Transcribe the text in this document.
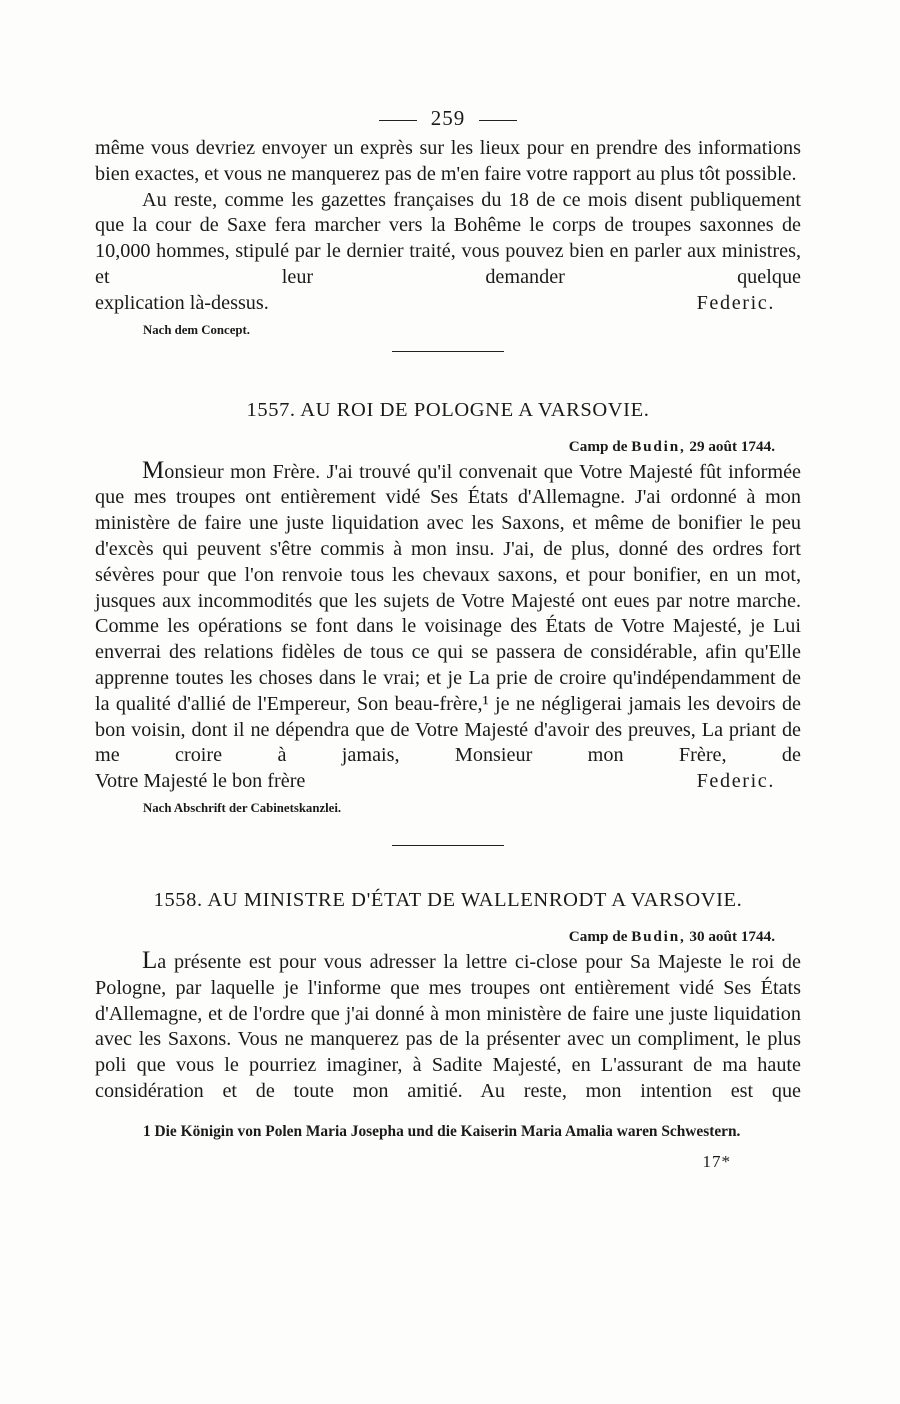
259

même vous devriez envoyer un exprès sur les lieux pour en prendre des informations bien exactes, et vous ne manquerez pas de m'en faire votre rapport au plus tôt possible.

Au reste, comme les gazettes françaises du 18 de ce mois disent publiquement que la cour de Saxe fera marcher vers la Bohême le corps de troupes saxonnes de 10,000 hommes, stipulé par le dernier traité, vous pouvez bien en parler aux ministres, et leur demander quelque

explication là-dessus.	Federic.
Nach dem Concept.
1557. AU ROI DE POLOGNE A VARSOVIE.
Camp de Budin, 29 août 1744.

Monsieur mon Frère. J'ai trouvé qu'il convenait que Votre Majesté fût informée que mes troupes ont entièrement vidé Ses États d'Allemagne. J'ai ordonné à mon ministère de faire une juste liquidation avec les Saxons, et même de bonifier le peu d'excès qui peuvent s'être commis à mon insu. J'ai, de plus, donné des ordres fort sévères pour que l'on renvoie tous les chevaux saxons, et pour bonifier, en un mot, jusques aux incommodités que les sujets de Votre Majesté ont eues par notre marche. Comme les opérations se font dans le voisinage des États de Votre Majesté, je Lui enverrai des relations fidèles de tous ce qui se passera de considérable, afin qu'Elle apprenne toutes les choses dans le vrai; et je La prie de croire qu'indépendamment de la qualité d'allié de l'Empereur, Son beau-frère,¹ je ne négligerai jamais les devoirs de bon voisin, dont il ne dépendra que de Votre Majesté d'avoir des preuves, La priant de me croire à jamais, Monsieur mon Frère, de

Votre Majesté le bon frère	Federic.
Nach Abschrift der Cabinetskanzlei.
1558. AU MINISTRE D'ÉTAT DE WALLENRODT A VARSOVIE.
Camp de Budin, 30 août 1744.

La présente est pour vous adresser la lettre ci-close pour Sa Majeste le roi de Pologne, par laquelle je l'informe que mes troupes ont entièrement vidé Ses États d'Allemagne, et de l'ordre que j'ai donné à mon ministère de faire une juste liquidation avec les Saxons. Vous ne manquerez pas de la présenter avec un compliment, le plus poli que vous le pourriez imaginer, à Sadite Majesté, en L'assurant de ma haute considération et de toute mon amitié. Au reste, mon intention est que

1 Die Königin von Polen Maria Josepha und die Kaiserin Maria Amalia waren Schwestern.
17*
